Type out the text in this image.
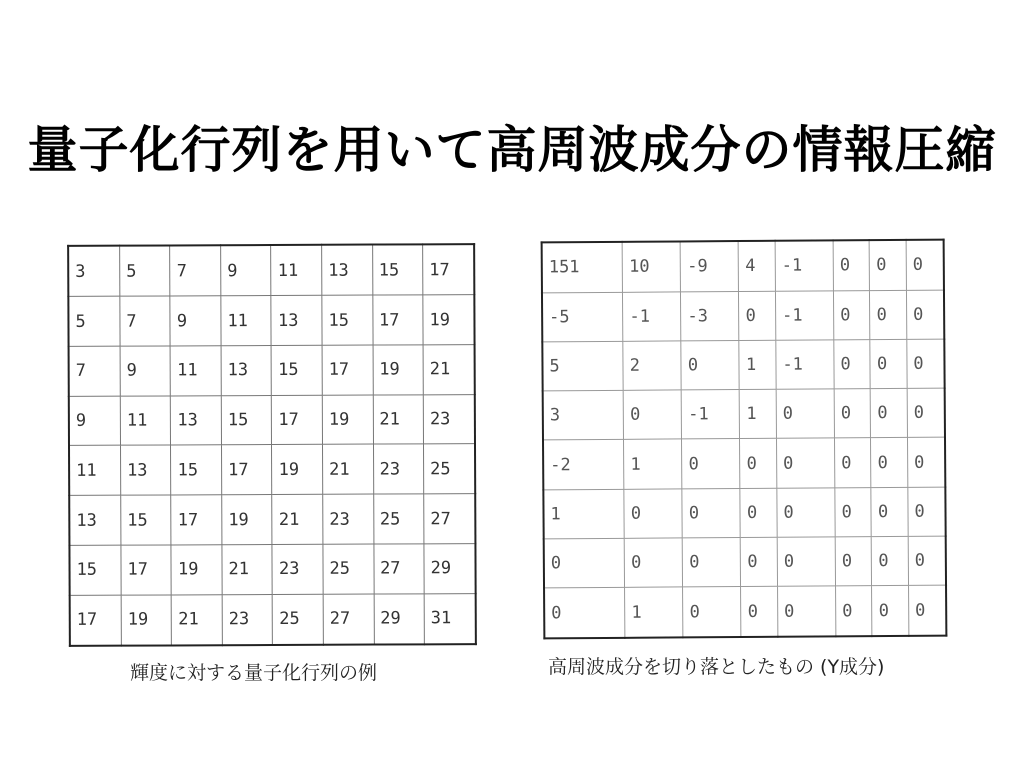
量子化行列を用いて高周波成分の情報圧縮
3	5	7	9	11	13	15	17
5	7	9	11	13	15	17	19
7	9	11	13	15	17	19	21
9	11	13	15	17	19	21	23
11	13	15	17	19	21	23	25
13	15	17	19	21	23	25	27
15	17	19	21	23	25	27	29
17	19	21	23	25	27	29	31
輝度に対する量子化行列の例
151	10	-9	4	-1	0	0	0
-5	-1	-3	0	-1	0	0	0
5	2	0	1	-1	0	0	0
3	0	-1	1	0	0	0	0
-2	1	0	0	0	0	0	0
1	0	0	0	0	0	0	0
0	0	0	0	0	0	0	0
0	1	0	0	0	0	0	0
高周波成分を切り落としたもの (Y成分)
